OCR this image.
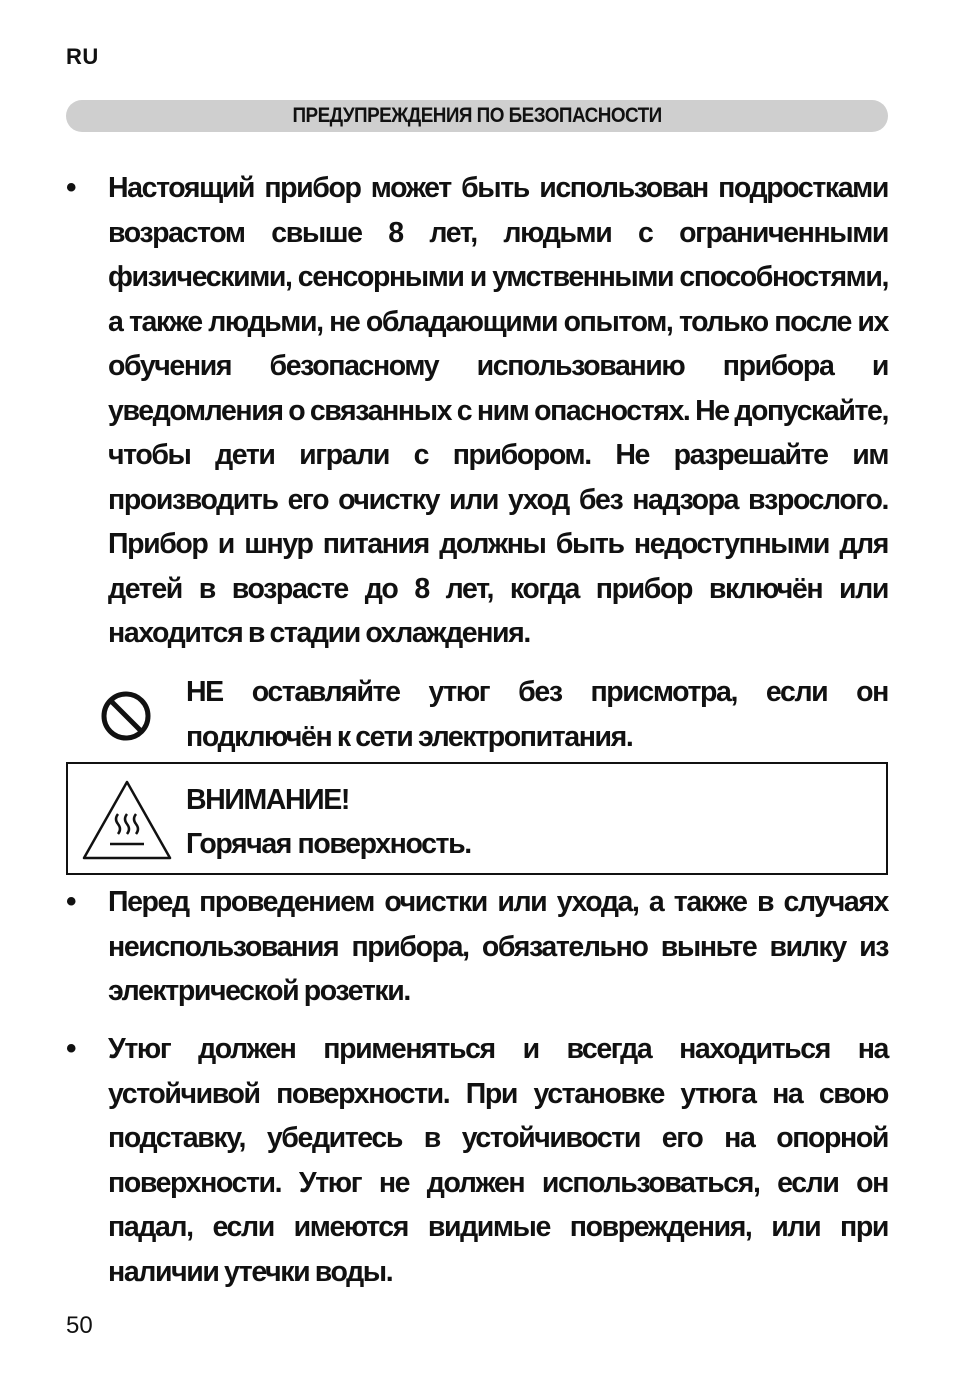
RU
ПРЕДУПРЕЖДЕНИЯ ПО БЕЗОПАСНОСТИ
•	Настоящий прибор может быть использован подростками возрастом свыше 8 лет, людьми с ограниченными физическими, сенсорными и умственными способностями, а также людьми, не обладающими опытом, только после их обучения безопасному использованию прибора и уведомления о связанных с ним опасностях. Не допускайте, чтобы дети играли с прибором. Не разрешайте им производить его очистку или уход без надзора взрослого. Прибор и шнур питания должны быть недоступными для детей в возрасте до 8 лет, когда прибор включён или находится в стадии охлаждения.

НЕ оставляйте утюг без присмотра, если он подключён к сети электропитания.

ВНИМАНИЕ!
Горячая поверхность.
•	Перед проведением очистки или ухода, а также в случаях неиспользования прибора, обязательно выньте вилку из электрической розетки.

•	Утюг должен применяться и всегда находиться на устойчивой поверхности. При установке утюга на свою подставку, убедитесь в устойчивости его на опорной поверхности. Утюг не должен использоваться, если он падал, если имеются видимые повреждения, или при наличии утечки воды.

50
